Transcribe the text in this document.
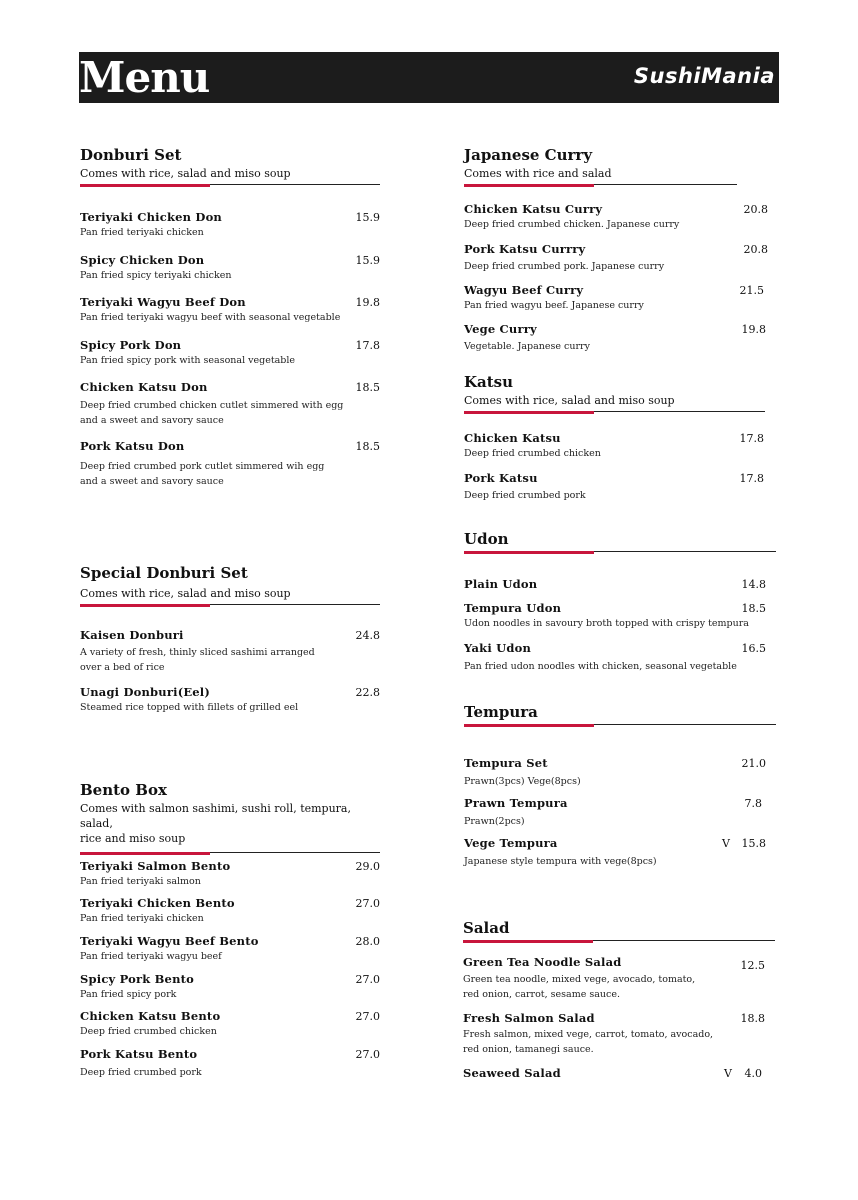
Menu	SushiMania
Donburi Set
Comes with rice, salad and miso soup
Teriyaki Chicken Don
Pan fried teriyaki chicken
15.9
Spicy Chicken Don
Pan fried spicy teriyaki chicken
15.9
Teriyaki Wagyu Beef Don
Pan fried teriyaki wagyu beef with seasonal vegetable
19.8
Spicy Pork Don
Pan fried spicy pork with seasonal vegetable
17.8
Chicken Katsu Don
Deep fried crumbed chicken cutlet simmered with egg
and a sweet and savory sauce
18.5
Pork Katsu Don
Deep fried crumbed pork cutlet simmered wih egg
and a sweet and savory sauce
18.5
Special Donburi Set
Comes with rice, salad and miso soup
Kaisen Donburi
A variety of fresh, thinly sliced sashimi arranged
over a bed of rice
24.8
Unagi Donburi(Eel)
Steamed rice topped with fillets of grilled eel
22.8
Bento Box
Comes with salmon sashimi, sushi roll, tempura, salad,
rice and miso soup
Teriyaki Salmon Bento
Pan fried teriyaki salmon
29.0
Teriyaki Chicken Bento
Pan fried teriyaki chicken
27.0
Teriyaki Wagyu Beef Bento
Pan fried teriyaki wagyu beef
28.0
Spicy Pork Bento
Pan fried spicy pork
27.0
Chicken Katsu Bento
Deep fried crumbed chicken
27.0
Pork Katsu Bento
Deep fried crumbed pork
27.0
Japanese Curry
Comes with rice and salad
Chicken Katsu Curry
Deep fried crumbed chicken. Japanese curry
20.8
Pork Katsu Currry
Deep fried crumbed pork. Japanese curry
20.8
Wagyu Beef Curry
Pan fried wagyu beef. Japanese curry
21.5
Vege Curry
Vegetable. Japanese curry
19.8
Katsu
Comes with rice, salad and miso soup
Chicken Katsu
Deep fried crumbed chicken
17.8
Pork Katsu
Deep fried crumbed pork
17.8
Udon
Plain Udon	14.8
Tempura Udon
Udon noodles in savoury broth topped with crispy tempura
18.5
Yaki Udon
Pan fried udon noodles with chicken, seasonal vegetable
16.5
Tempura
Tempura Set
Prawn(3pcs) Vege(8pcs)
21.0
Prawn Tempura
Prawn(2pcs)
7.8
Vege Tempura
Japanese style tempura with vege(8pcs)
V 15.8
Salad
Green Tea Noodle Salad
Green tea noodle, mixed vege, avocado, tomato,
red onion, carrot, sesame sauce.
12.5
Fresh Salmon Salad
Fresh salmon, mixed vege, carrot, tomato, avocado,
red onion, tamanegi sauce.
18.8
Seaweed Salad	V 4.0
